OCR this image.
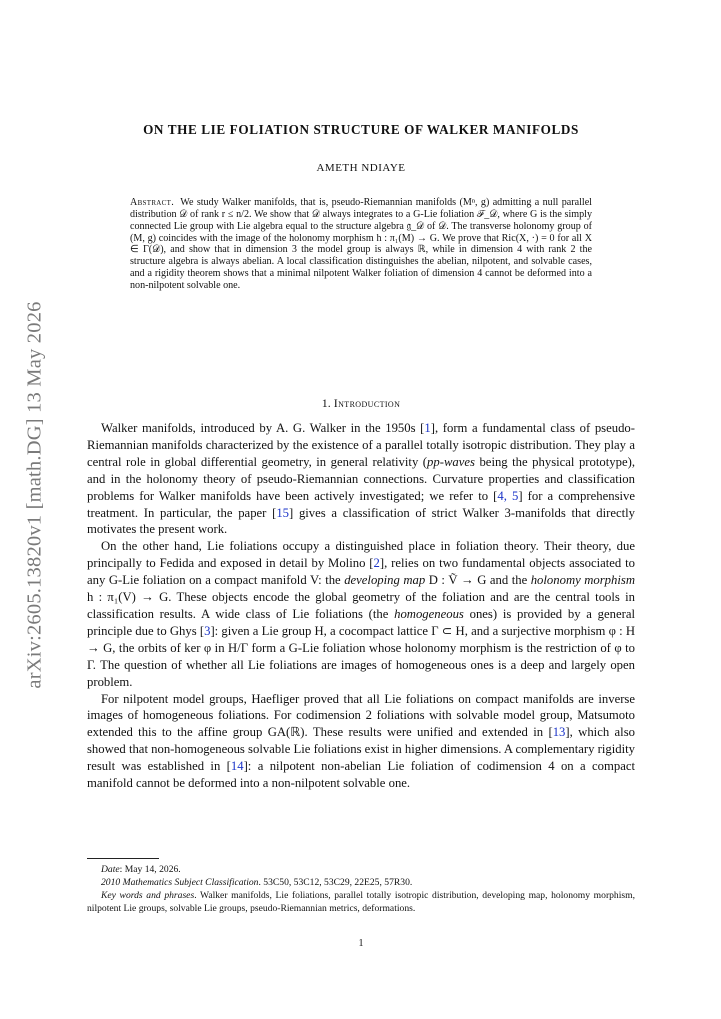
arXiv:2605.13820v1 [math.DG] 13 May 2026
ON THE LIE FOLIATION STRUCTURE OF WALKER MANIFOLDS
AMETH NDIAYE
Abstract. We study Walker manifolds, that is, pseudo-Riemannian manifolds (Mⁿ, g) admitting a null parallel distribution 𝒟 of rank r ≤ n/2. We show that 𝒟 always integrates to a G-Lie foliation ℱ_𝒟, where G is the simply connected Lie group with Lie algebra equal to the structure algebra 𝔤_𝒟 of 𝒟. The transverse holonomy group of (M, g) coincides with the image of the holonomy morphism h : π₁(M) → G. We prove that Ric(X, ·) = 0 for all X ∈ Γ(𝒟), and show that in dimension 3 the model group is always ℝ, while in dimension 4 with rank 2 the structure algebra is always abelian. A local classification distinguishes the abelian, nilpotent, and solvable cases, and a rigidity theorem shows that a minimal nilpotent Walker foliation of dimension 4 cannot be deformed into a non-nilpotent solvable one.
1. Introduction

Walker manifolds, introduced by A. G. Walker in the 1950s [1], form a fundamental class of pseudo-Riemannian manifolds characterized by the existence of a parallel totally isotropic distribution. They play a central role in global differential geometry, in general relativity (pp-waves being the physical prototype), and in the holonomy theory of pseudo-Riemannian connections. Curvature properties and classification problems for Walker manifolds have been actively investigated; we refer to [4, 5] for a comprehensive treatment. In particular, the paper [15] gives a classification of strict Walker 3-manifolds that directly motivates the present work.

On the other hand, Lie foliations occupy a distinguished place in foliation theory. Their theory, due principally to Fedida and exposed in detail by Molino [2], relies on two fundamental objects associated to any G-Lie foliation on a compact manifold V: the developing map D : Ṽ → G and the holonomy morphism h : π₁(V) → G. These objects encode the global geometry of the foliation and are the central tools in classification results. A wide class of Lie foliations (the homogeneous ones) is provided by a general principle due to Ghys [3]: given a Lie group H, a cocompact lattice Γ ⊂ H, and a surjective morphism φ : H → G, the orbits of ker φ in H/Γ form a G-Lie foliation whose holonomy morphism is the restriction of φ to Γ. The question of whether all Lie foliations are images of homogeneous ones is a deep and largely open problem.

For nilpotent model groups, Haefliger proved that all Lie foliations on compact manifolds are inverse images of homogeneous foliations. For codimension 2 foliations with solvable model group, Matsumoto extended this to the affine group GA(ℝ). These results were unified and extended in [13], which also showed that non-homogeneous solvable Lie foliations exist in higher dimensions. A complementary rigidity result was established in [14]: a nilpotent non-abelian Lie foliation of codimension 4 on a compact manifold cannot be deformed into a non-nilpotent solvable one.

Date: May 14, 2026.
2010 Mathematics Subject Classification. 53C50, 53C12, 53C29, 22E25, 57R30.
Key words and phrases. Walker manifolds, Lie foliations, parallel totally isotropic distribution, developing map, holonomy morphism, nilpotent Lie groups, solvable Lie groups, pseudo-Riemannian metrics, deformations.
1
